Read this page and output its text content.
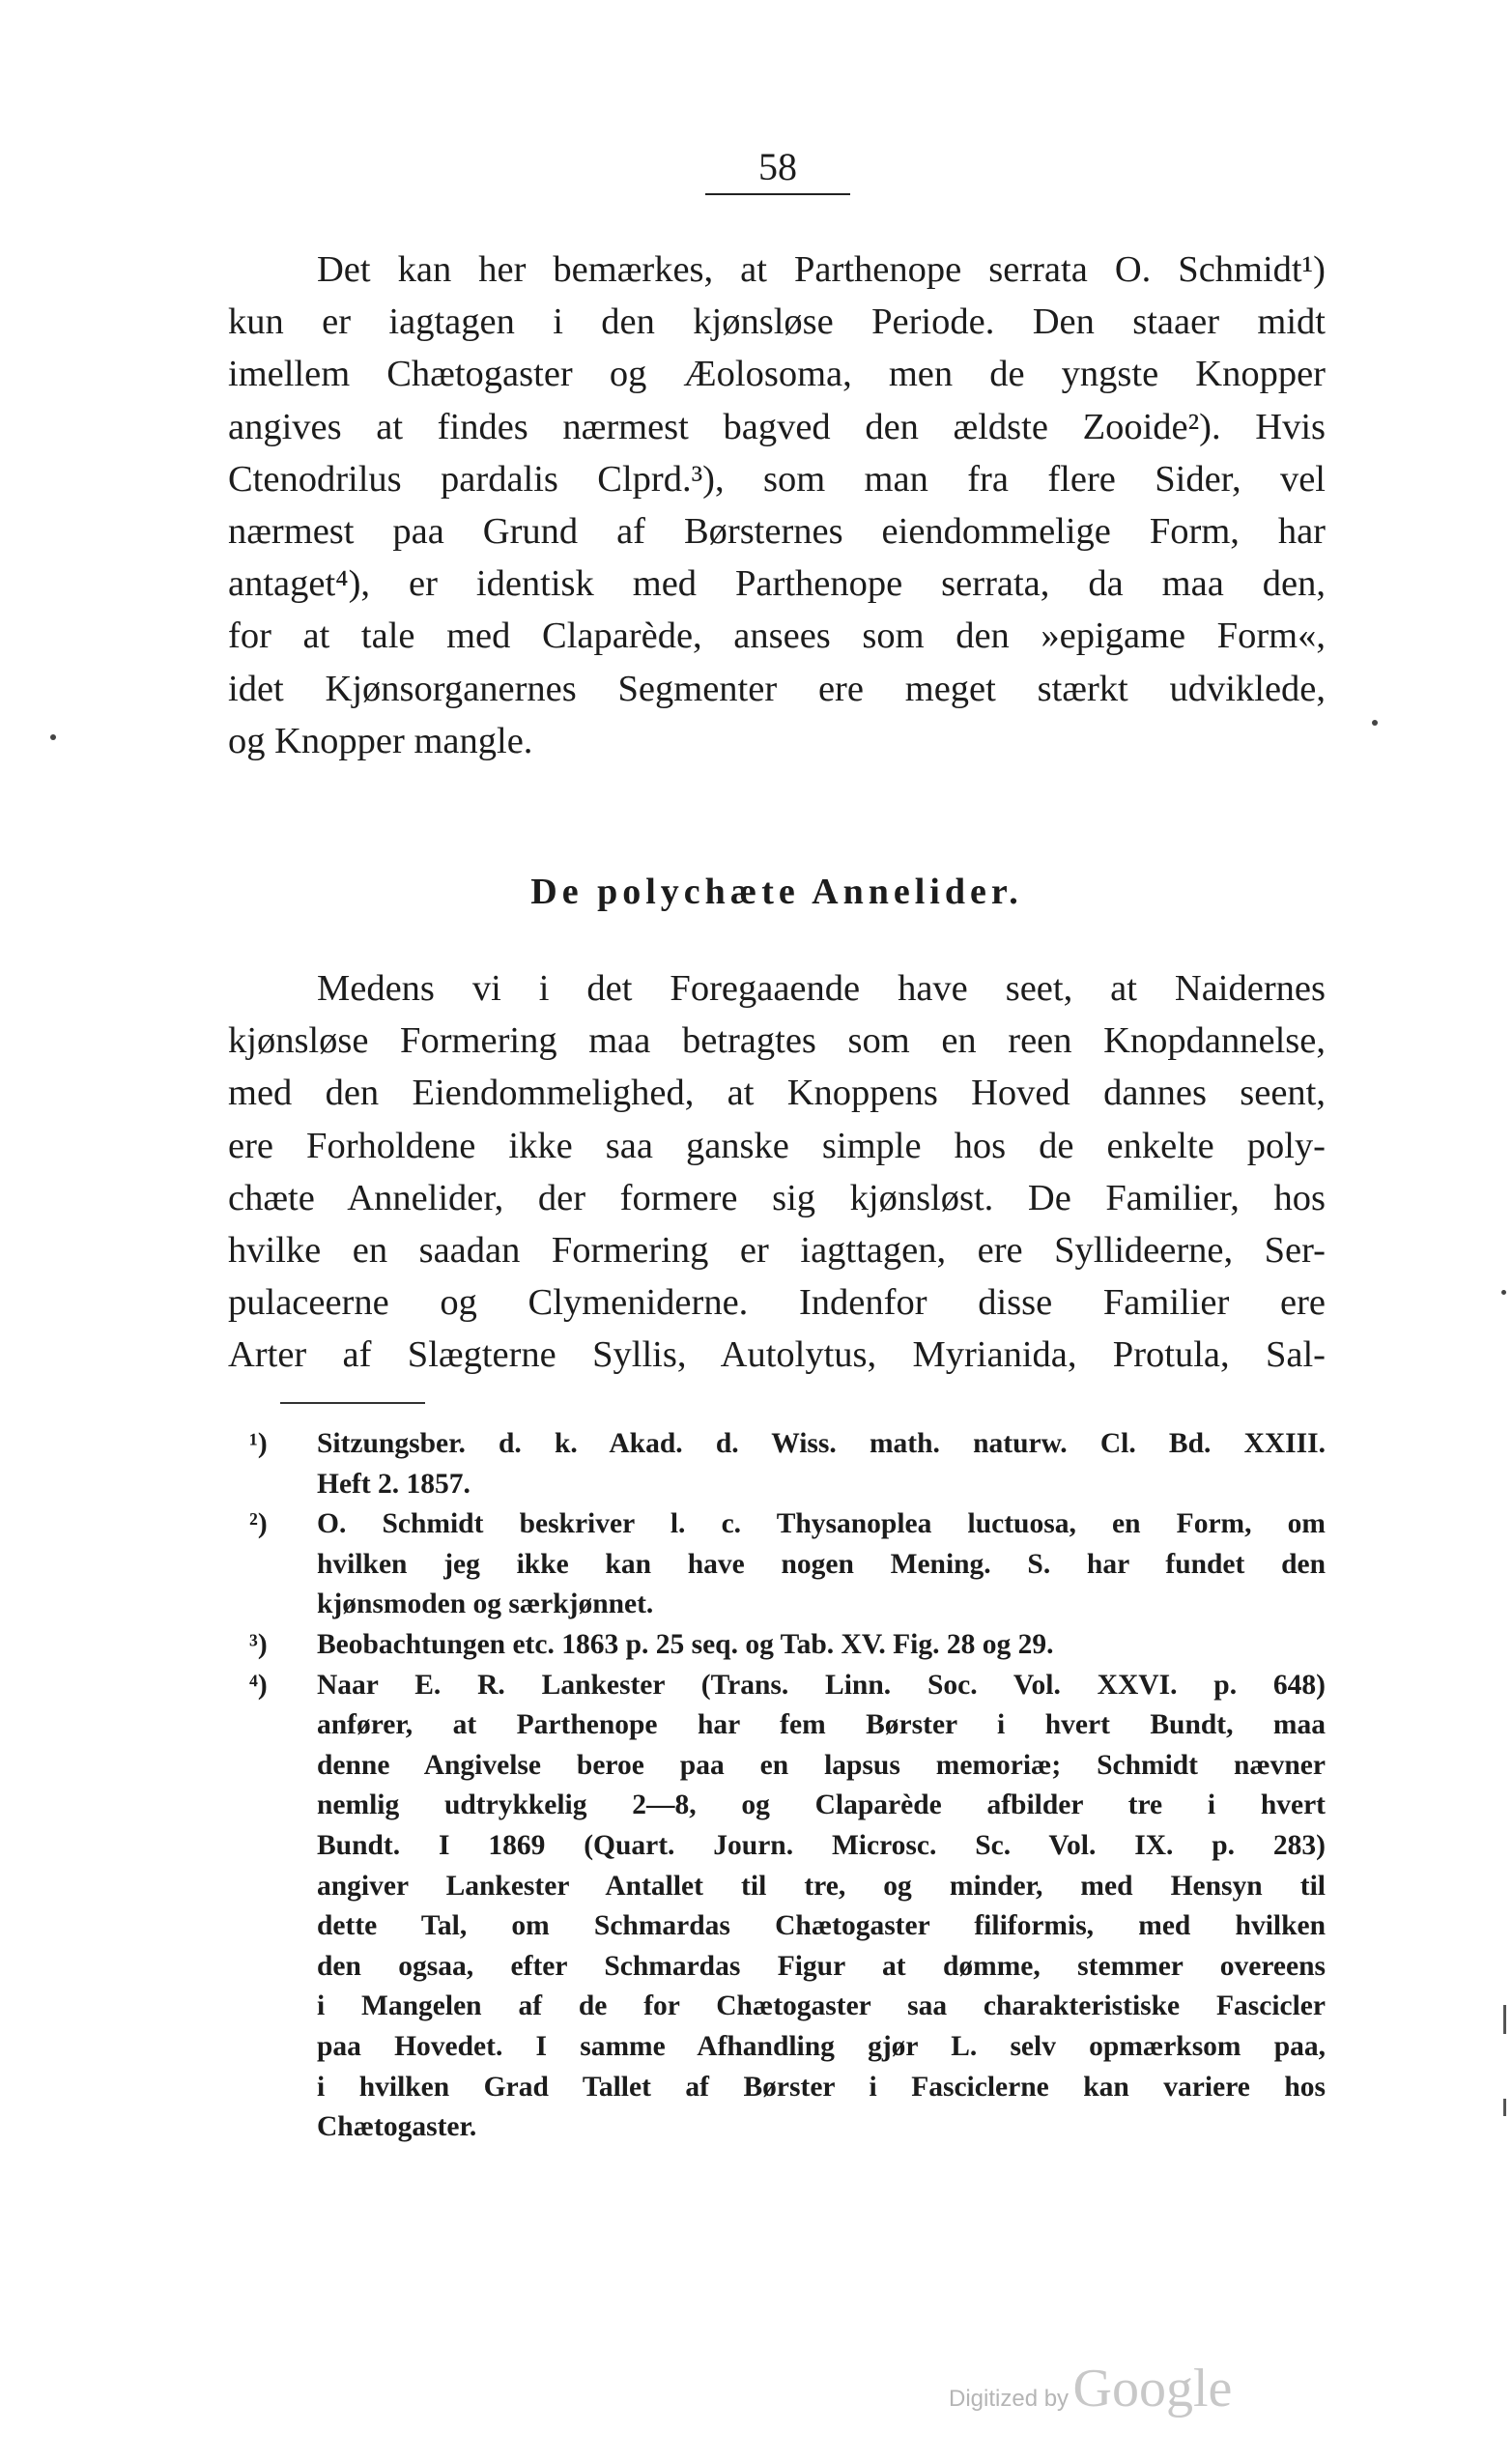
58
Det kan her bemærkes, at Parthenope serrata O. Schmidt¹)
kun er iagtagen i den kjønsløse Periode. Den staaer midt
imellem Chætogaster og Æolosoma, men de yngste Knopper
angives at findes nærmest bagved den ældste Zooide²). Hvis
Ctenodrilus pardalis Clprd.³), som man fra flere Sider, vel
nærmest paa Grund af Børsternes eiendommelige Form, har
antaget⁴), er identisk med Parthenope serrata, da maa den,
for at tale med Claparède, ansees som den »epigame Form«,
idet Kjønsorganernes Segmenter ere meget stærkt udviklede,
og Knopper mangle.
De polychæte Annelider.
Medens vi i det Foregaaende have seet, at Naidernes
kjønsløse Formering maa betragtes som en reen Knopdannelse,
med den Eiendommelighed, at Knoppens Hoved dannes seent,
ere Forholdene ikke saa ganske simple hos de enkelte poly-
chæte Annelider, der formere sig kjønsløst. De Familier, hos
hvilke en saadan Formering er iagttagen, ere Syllideerne, Ser-
pulaceerne og Clymeniderne. Indenfor disse Familier ere
Arter af Slægterne Syllis, Autolytus, Myrianida, Protula, Sal-
¹)	Sitzungsber. d. k. Akad. d. Wiss. math. naturw. Cl. Bd. XXIII.
Heft 2. 1857.
²)	O. Schmidt beskriver l. c. Thysanoplea luctuosa, en Form, om
hvilken jeg ikke kan have nogen Mening. S. har fundet den
kjønsmoden og særkjønnet.
³)	Beobachtungen etc. 1863 p. 25 seq. og Tab. XV. Fig. 28 og 29.
⁴)	Naar E. R. Lankester (Trans. Linn. Soc. Vol. XXVI. p. 648)
anfører, at Parthenope har fem Børster i hvert Bundt, maa
denne Angivelse beroe paa en lapsus memoriæ; Schmidt nævner
nemlig udtrykkelig 2—8, og Claparède afbilder tre i hvert
Bundt. I 1869 (Quart. Journ. Microsc. Sc. Vol. IX. p. 283)
angiver Lankester Antallet til tre, og minder, med Hensyn til
dette Tal, om Schmardas Chætogaster filiformis, med hvilken
den ogsaa, efter Schmardas Figur at dømme, stemmer overeens
i Mangelen af de for Chætogaster saa charakteristiske Fascicler
paa Hovedet. I samme Afhandling gjør L. selv opmærksom paa,
i hvilken Grad Tallet af Børster i Fasciclerne kan variere hos
Chætogaster.
Digitized by Google
